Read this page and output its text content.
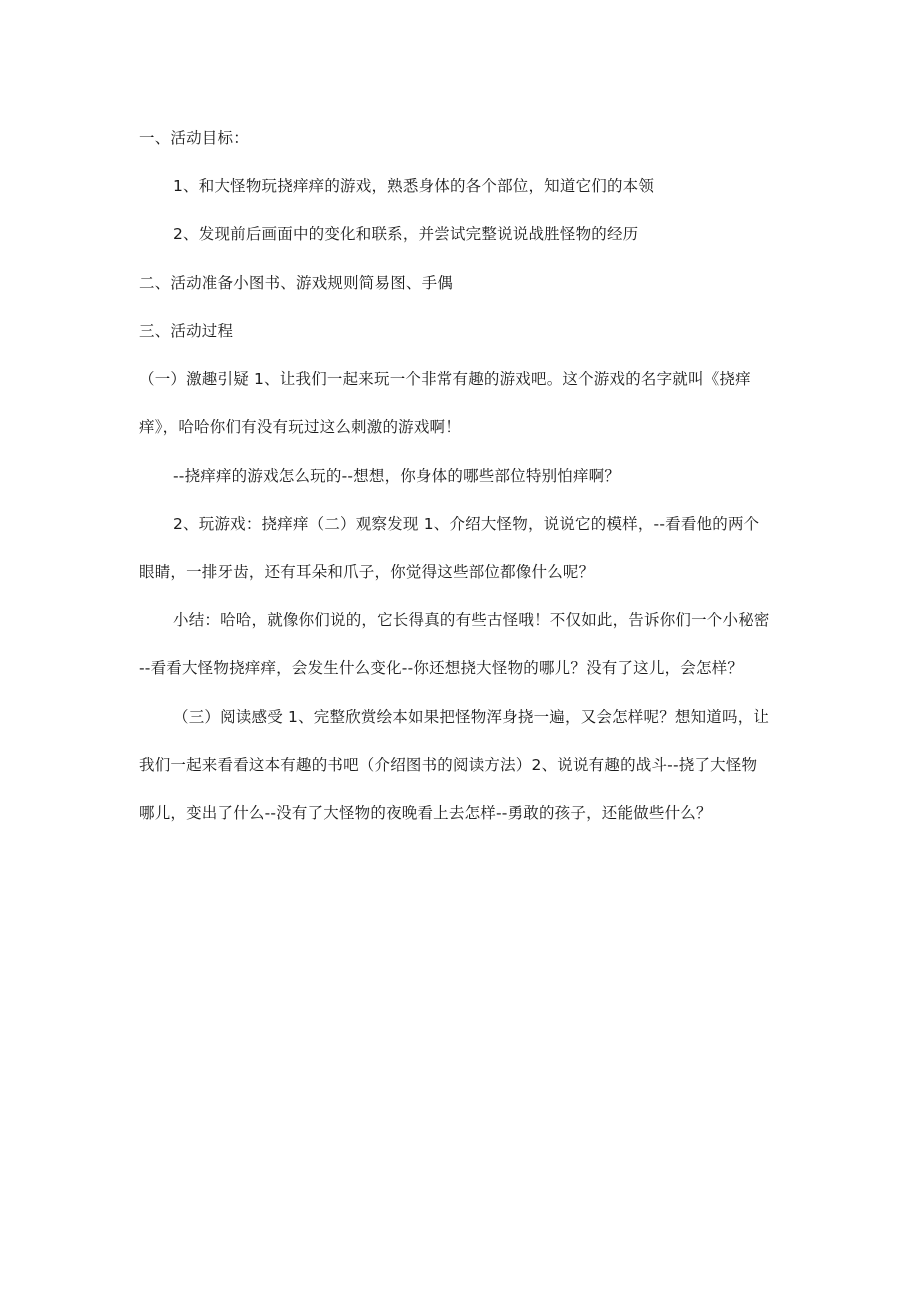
一、活动目标：
1、和大怪物玩挠痒痒的游戏，熟悉身体的各个部位，知道它们的本领
2、发现前后画面中的变化和联系，并尝试完整说说战胜怪物的经历
二、活动准备小图书、游戏规则简易图、手偶
三、活动过程
（一）激趣引疑 1、让我们一起来玩一个非常有趣的游戏吧。这个游戏的名字就叫《挠痒
痒》，哈哈你们有没有玩过这么刺激的游戏啊！
--挠痒痒的游戏怎么玩的--想想，你身体的哪些部位特别怕痒啊？
2、玩游戏：挠痒痒（二）观察发现 1、介绍大怪物，说说它的模样，--看看他的两个
眼睛，一排牙齿，还有耳朵和爪子，你觉得这些部位都像什么呢？
小结：哈哈，就像你们说的，它长得真的有些古怪哦！不仅如此，告诉你们一个小秘密
--看看大怪物挠痒痒，会发生什么变化--你还想挠大怪物的哪儿？没有了这儿，会怎样？
（三）阅读感受 1、完整欣赏绘本如果把怪物浑身挠一遍，又会怎样呢？想知道吗，让
我们一起来看看这本有趣的书吧（介绍图书的阅读方法）2、说说有趣的战斗--挠了大怪物
哪儿，变出了什么--没有了大怪物的夜晚看上去怎样--勇敢的孩子，还能做些什么？
